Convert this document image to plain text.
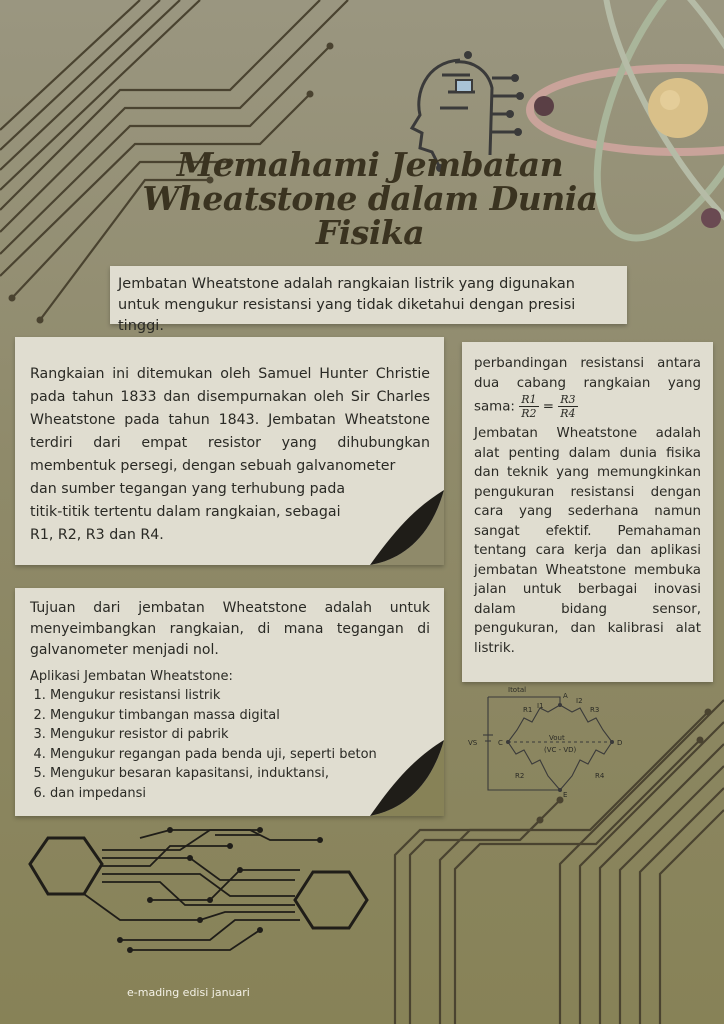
Memahami Jembatan
Wheatstone dalam Dunia
Fisika
Jembatan Wheatstone adalah rangkaian listrik yang digunakan untuk mengukur resistansi yang tidak diketahui dengan presisi tinggi.
Rangkaian ini ditemukan oleh Samuel Hunter Christie pada tahun 1833 dan disempurnakan oleh Sir Charles Wheatstone pada tahun 1843. Jembatan Wheatstone terdiri dari empat resistor yang dihubungkan membentuk persegi, dengan sebuah galvanometer
dan sumber tegangan yang terhubung pada
titik-titik tertentu dalam rangkaian, sebagai
R1, R2, R3 dan R4.

Tujuan dari jembatan Wheatstone adalah untuk menyeimbangkan rangkaian, di mana tegangan di galvanometer menjadi nol.

Aplikasi Jembatan Wheatstone:
1. Mengukur resistansi listrik
2. Mengukur timbangan massa digital
3. Mengukur resistor di pabrik
4. Mengukur regangan pada benda uji, seperti beton
5. Mengukur besaran kapasitansi, induktansi,
6. dan impedansi

perbandingan resistansi antara dua cabang rangkaian yang sama: $\frac{R1}{R2} = \frac{R3}{R4}$

Jembatan Wheatstone adalah alat penting dalam dunia fisika dan teknik yang memungkinkan pengukuran resistansi dengan cara yang sederhana namun sangat efektif. Pemahaman tentang cara kerja dan aplikasi jembatan Wheatstone membuka jalan untuk berbagai inovasi dalam bidang sensor, pengukuran, dan kalibrasi alat listrik.

Itotal
I1
I2
R1
R2
R3
R4
VS
A
C	D
E
Vout
(VC - VD)
e-mading edisi januari
